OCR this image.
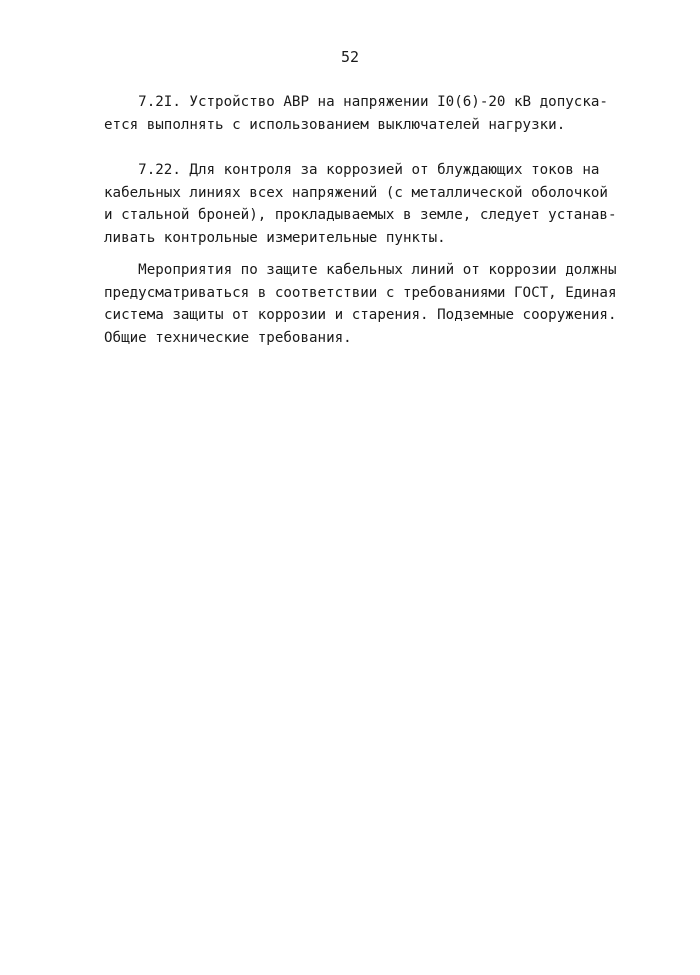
52
7.2I. Устройство АВР на напряжении I0(6)-20 кВ допуска-
ется выполнять с использованием выключателей нагрузки.
7.22. Для контроля за коррозией от блуждающих токов на
кабельных линиях всех напряжений (с металлической оболочкой
и стальной броней), прокладываемых в земле, следует устанав-
ливать контрольные измерительные пункты.
Мероприятия по защите кабельных линий от коррозии должны
предусматриваться в соответствии с требованиями ГОСТ, Единая
система защиты от коррозии и старения. Подземные сооружения.
Общие технические требования.
